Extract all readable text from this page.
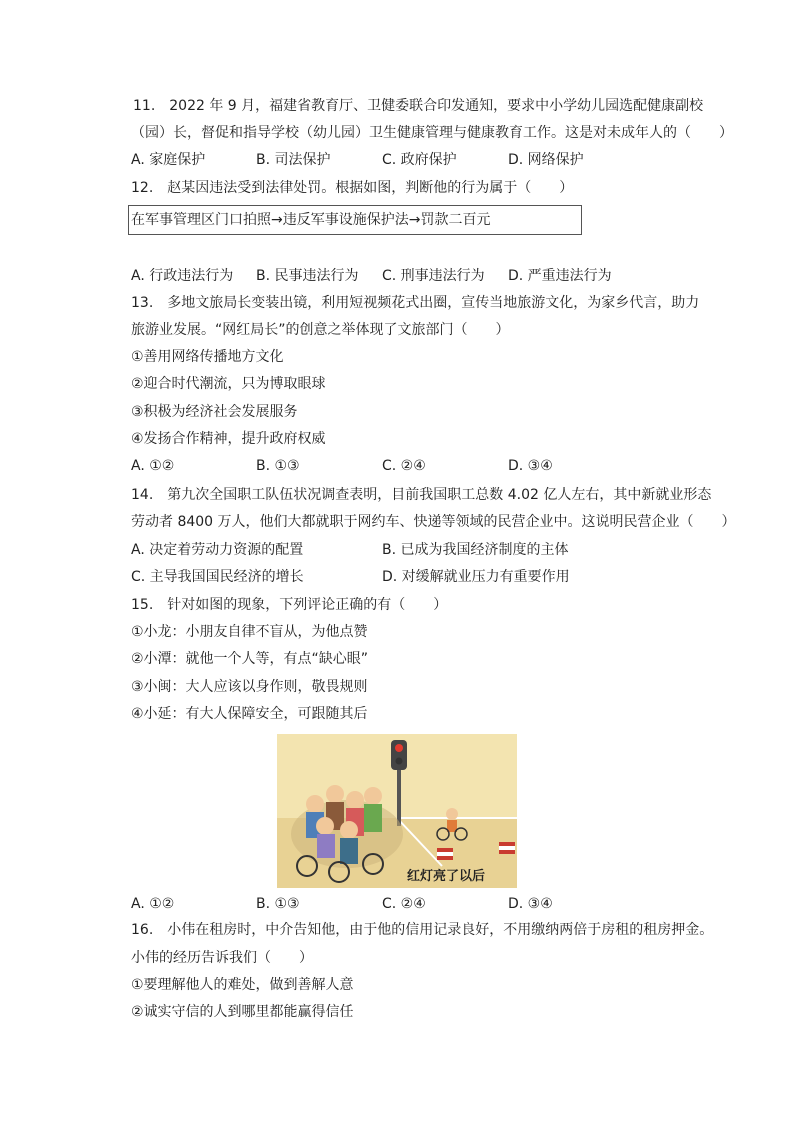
11.　2022 年 9 月，福建省教育厅、卫健委联合印发通知，要求中小学幼儿园选配健康副校
（园）长，督促和指导学校（幼儿园）卫生健康管理与健康教育工作。这是对未成年人的（　　）
A. 家庭保护	B. 司法保护	C. 政府保护	D. 网络保护
12.　赵某因违法受到法律处罚。根据如图，判断他的行为属于（　　）
在军事管理区门口拍照→违反军事设施保护法→罚款二百元
A. 行政违法行为 B. 民事违法行为 C. 刑事违法行为 D. 严重违法行为
13.　多地文旅局长变装出镜，利用短视频花式出圈，宣传当地旅游文化，为家乡代言，助力
旅游业发展。“网红局长”的创意之举体现了文旅部门（　　）
①善用网络传播地方文化
②迎合时代潮流，只为博取眼球
③积极为经济社会发展服务
④发扬合作精神，提升政府权威
A. ①②	B. ①③	C. ②④	D. ③④
14.　第九次全国职工队伍状况调查表明，目前我国职工总数 4.02 亿人左右，其中新就业形态
劳动者 8400 万人，他们大都就职于网约车、快递等领域的民营企业中。这说明民营企业（　　）
A. 决定着劳动力资源的配置	B. 已成为我国经济制度的主体
C. 主导我国国民经济的增长	D. 对缓解就业压力有重要作用
15.　针对如图的现象，下列评论正确的有（　　）
①小龙：小朋友自律不盲从，为他点赞
②小潭：就他一个人等，有点“缺心眼”
③小闽：大人应该以身作则，敬畏规则
④小延：有大人保障安全，可跟随其后
红灯亮了以后
A. ①②	B. ①③	C. ②④	D. ③④
16.　小伟在租房时，中介告知他，由于他的信用记录良好，不用缴纳两倍于房租的租房押金。
小伟的经历告诉我们（　　）
①要理解他人的难处，做到善解人意
②诚实守信的人到哪里都能赢得信任
